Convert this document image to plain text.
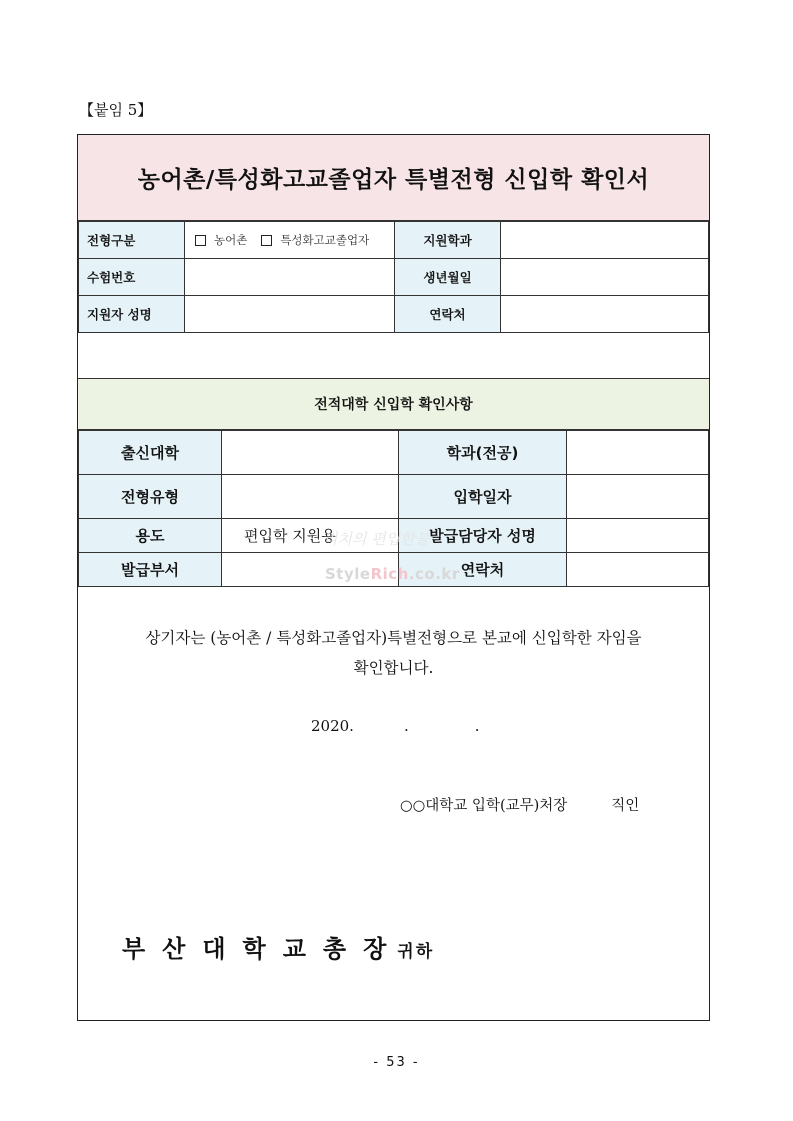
【붙임 5】
농어촌/특성화고교졸업자 특별전형 신입학 확인서
전형구분	농어촌 특성화고교졸업자	지원학과	
수험번호		생년월일	
지원자 성명		연락처	
전적대학 신입학 확인사항
출신대학		학과(전공)	
전형유형		입학일자	
용도	편입학 지원용	발급담당자 성명	
발급부서		연락처	
상기자는 (농어촌 / 특성화고졸업자)특별전형으로 본교에 신입학한 자임을
확인합니다.
2020.	.	.
○○대학교 입학(교무)처장	직인
부산대학교총장귀하
리치의 편입한불
StyleRich.co.kr
- 53 -
